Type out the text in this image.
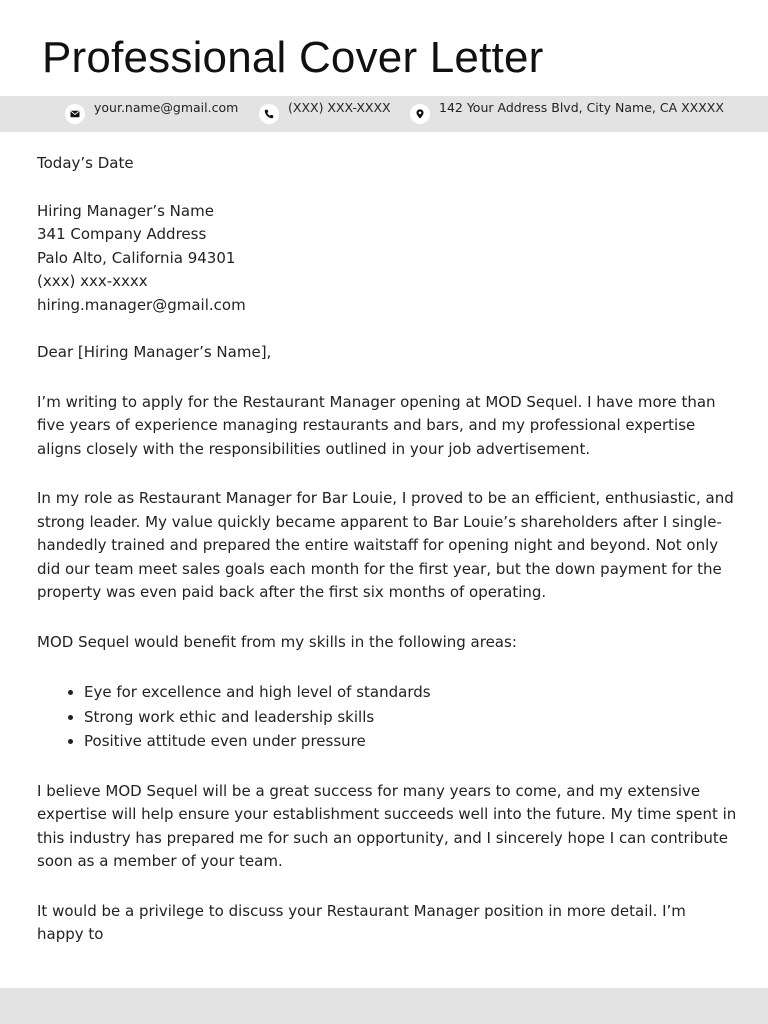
Professional Cover Letter
your.name@gmail.com	(XXX) XXX-XXXX	142 Your Address Blvd, City Name, CA XXXXX
Today’s Date
Hiring Manager’s Name
341 Company Address
Palo Alto, California 94301
(xxx) xxx-xxxx
hiring.manager@gmail.com

Dear [Hiring Manager’s Name],

I’m writing to apply for the Restaurant Manager opening at MOD Sequel. I have more than five years of experience managing restaurants and bars, and my professional expertise aligns closely with the responsibilities outlined in your job advertisement.

In my role as Restaurant Manager for Bar Louie, I proved to be an efficient, enthusiastic, and strong leader. My value quickly became apparent to Bar Louie’s shareholders after I single-handedly trained and prepared the entire waitstaff for opening night and beyond. Not only did our team meet sales goals each month for the first year, but the down payment for the property was even paid back after the first six months of operating.

MOD Sequel would benefit from my skills in the following areas:

• Eye for excellence and high level of standards
• Strong work ethic and leadership skills
• Positive attitude even under pressure

I believe MOD Sequel will be a great success for many years to come, and my extensive expertise will help ensure your establishment succeeds well into the future. My time spent in this industry has prepared me for such an opportunity, and I sincerely hope I can contribute soon as a member of your team.

It would be a privilege to discuss your Restaurant Manager position in more detail. I’m happy to
